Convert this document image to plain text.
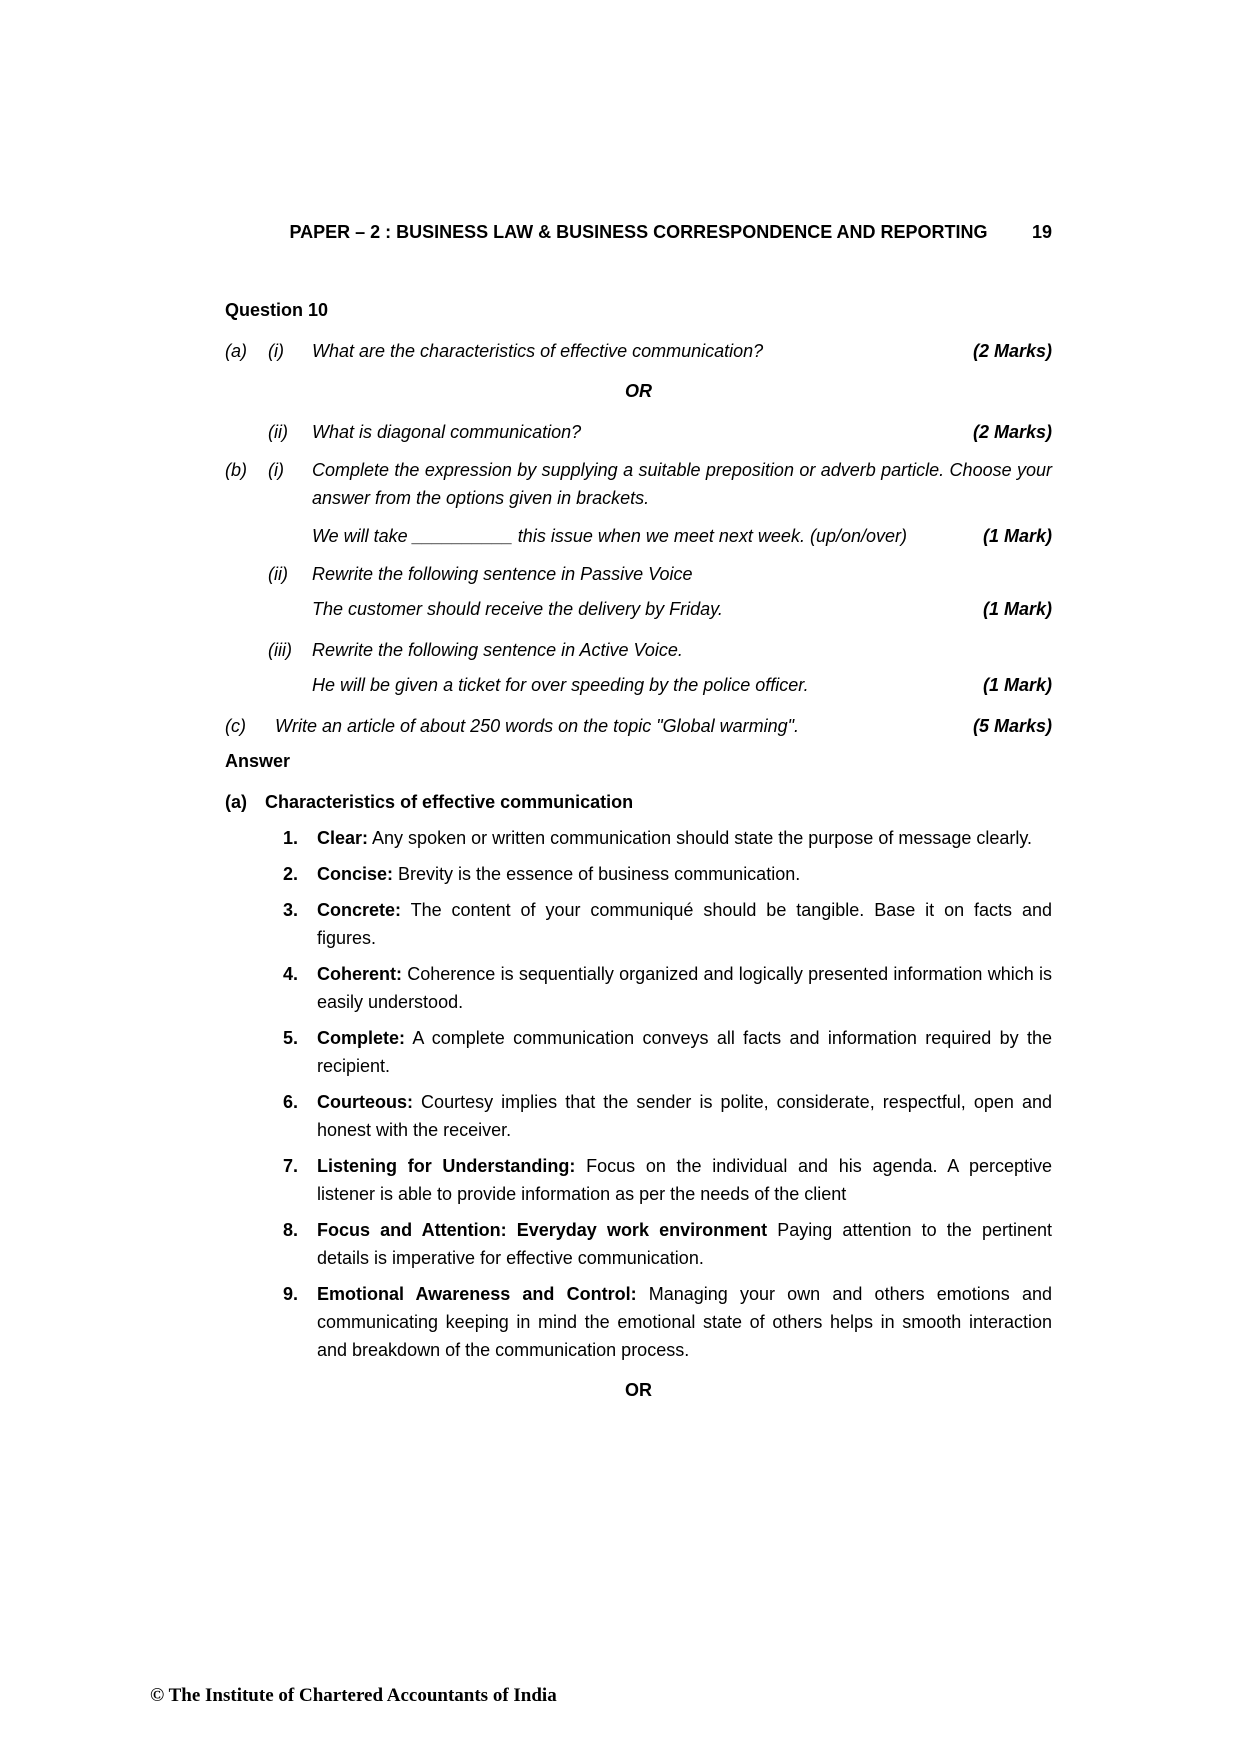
PAPER – 2 : BUSINESS LAW & BUSINESS CORRESPONDENCE AND REPORTING 19
Question 10
(a)	(i)	What are the characteristics of effective communication?	(2 Marks)
OR
(ii)	What is diagonal communication?	(2 Marks)
(b)	(i)	Complete the expression by supplying a suitable preposition or adverb particle. Choose your answer from the options given in brackets.
We will take __________ this issue when we meet next week. (up/on/over)	(1 Mark)
(ii)	Rewrite the following sentence in Passive Voice
The customer should receive the delivery by Friday.	(1 Mark)
(iii)	Rewrite the following sentence in Active Voice.
He will be given a ticket for over speeding by the police officer.	(1 Mark)
(c)	Write an article of about 250 words on the topic "Global warming".	(5 Marks)
Answer
(a)	Characteristics of effective communication
1.	Clear: Any spoken or written communication should state the purpose of message clearly.
2.	Concise: Brevity is the essence of business communication.
3.	Concrete: The content of your communiqué should be tangible. Base it on facts and figures.
4.	Coherent: Coherence is sequentially organized and logically presented information which is easily understood.
5.	Complete: A complete communication conveys all facts and information required by the recipient.
6.	Courteous: Courtesy implies that the sender is polite, considerate, respectful, open and honest with the receiver.
7.	Listening for Understanding: Focus on the individual and his agenda. A perceptive listener is able to provide information as per the needs of the client
8.	Focus and Attention: Everyday work environment Paying attention to the pertinent details is imperative for effective communication.
9.	Emotional Awareness and Control: Managing your own and others emotions and communicating keeping in mind the emotional state of others helps in smooth interaction and breakdown of the communication process.
OR
© The Institute of Chartered Accountants of India
